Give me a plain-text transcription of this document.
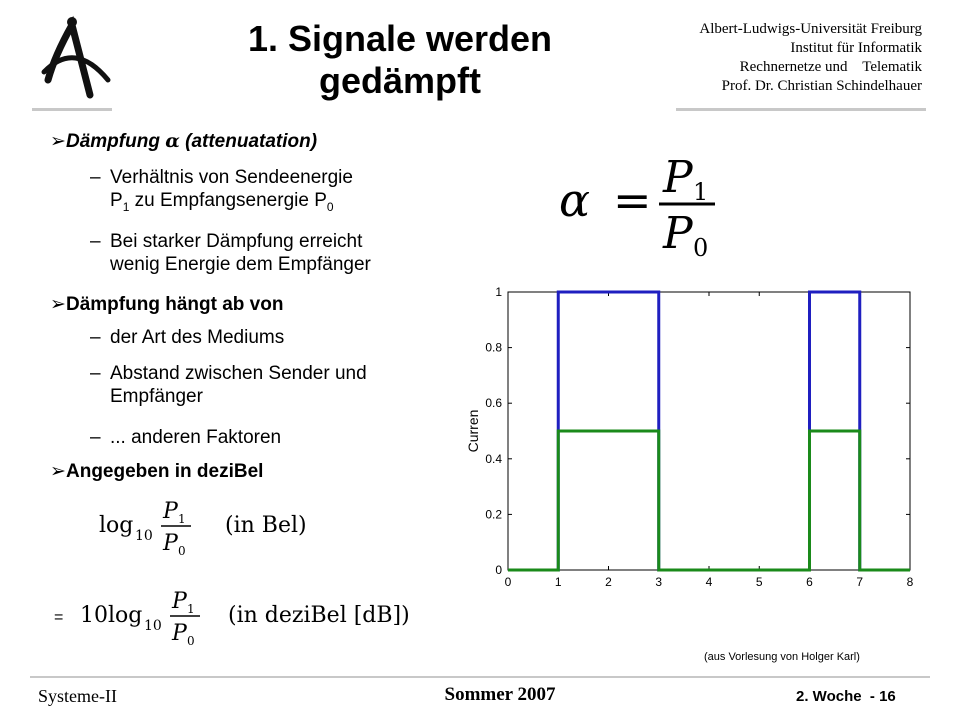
1. Signale werden
gedämpft
Albert-Ludwigs-Universität Freiburg
Institut für Informatik
Rechnernetze und    Telematik
Prof. Dr. Christian Schindelhauer
➢Dämpfung α (attenuatation)
– Verhältnis von Sendeenergie
$P_1$ zu Empfangsenergie $P_0$
– Bei starker Dämpfung erreicht
wenig Energie dem Empfänger
➢Dämpfung hängt ab von
– der Art des Mediums
– Abstand zwischen Sender und
Empfänger
– ... anderen Faktoren
➢Angegeben in deziBel
α = P 1
P 0
log 10
P 1
P 0
(in Bel)
= 10 log 10
P 1
P 0
(in deziBel [dB])
0	1	2	3	4	5	6	7	8
0
0.2
0.4
0.6
0.8
1
Curren
(aus Vorlesung von Holger Karl)
Systeme-II	Sommer 2007	2. Woche  - 16
